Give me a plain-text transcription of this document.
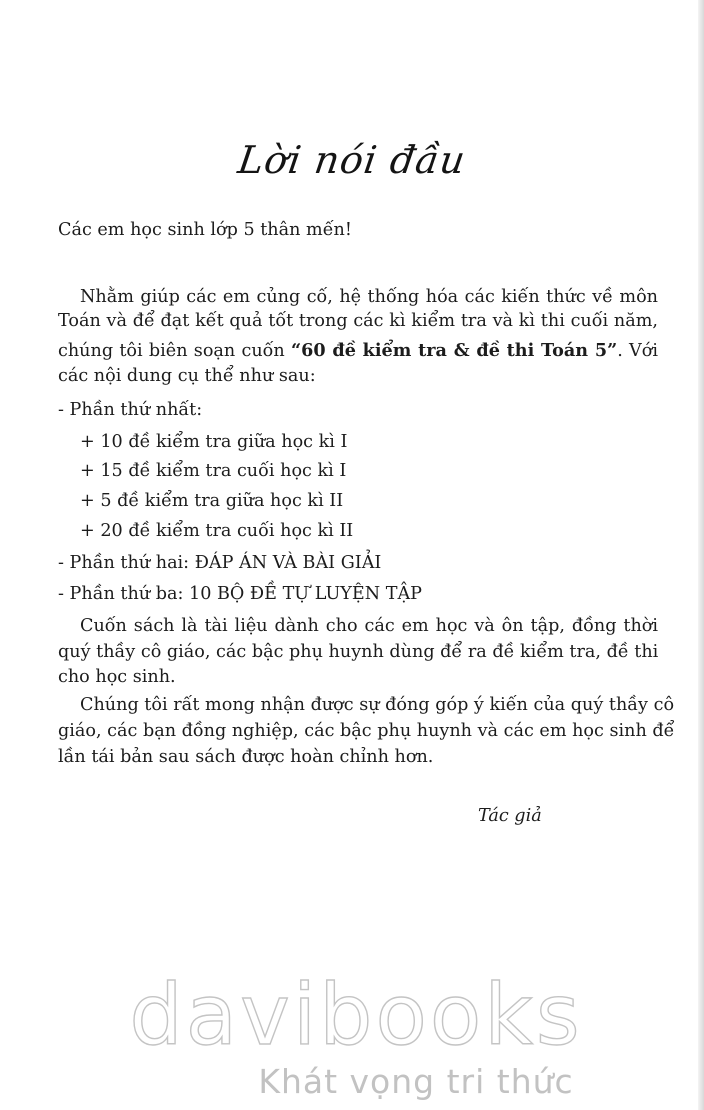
Lời nói đầu
Các em học sinh lớp 5 thân mến!
Nhằm giúp các em củng cố, hệ thống hóa các kiến thức về môn
Toán và để đạt kết quả tốt trong các kì kiểm tra và kì thi cuối năm,
chúng tôi biên soạn cuốn “60 đề kiểm tra & đề thi Toán 5”. Với
các nội dung cụ thể như sau:
- Phần thứ nhất:
+ 10 đề kiểm tra giữa học kì I
+ 15 đề kiểm tra cuối học kì I
+ 5 đề kiểm tra giữa học kì II
+ 20 đề kiểm tra cuối học kì II
- Phần thứ hai: ĐÁP ÁN VÀ BÀI GIẢI
- Phần thứ ba: 10 BỘ ĐỀ TỰ LUYỆN TẬP
Cuốn sách là tài liệu dành cho các em học và ôn tập, đồng thời
quý thầy cô giáo, các bậc phụ huynh dùng để ra đề kiểm tra, đề thi
cho học sinh.
Chúng tôi rất mong nhận được sự đóng góp ý kiến của quý thầy cô
giáo, các bạn đồng nghiệp, các bậc phụ huynh và các em học sinh để
lần tái bản sau sách được hoàn chỉnh hơn.
Tác giả
davibooks
Khát vọng tri thức
